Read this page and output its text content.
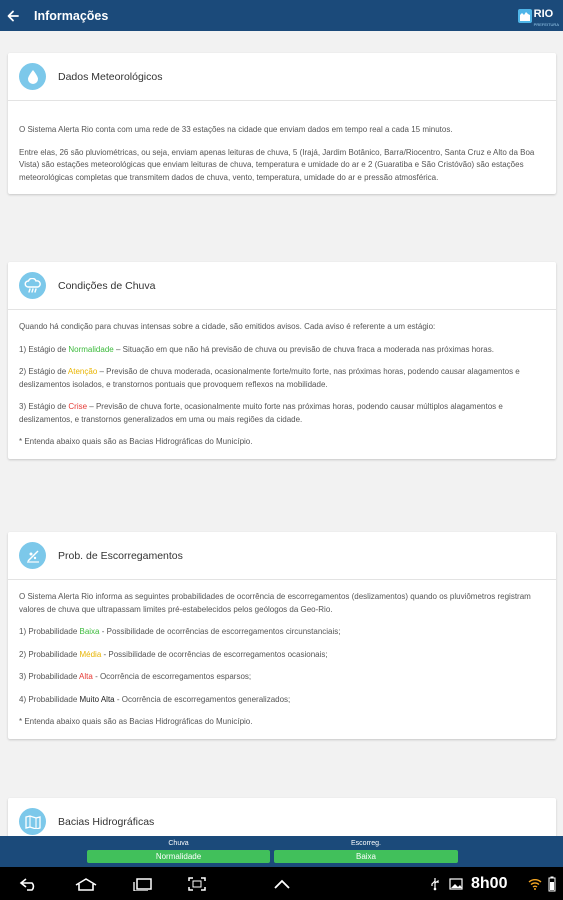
Informações	RIO
PREFEITURA
Dados Meteorológicos

O Sistema Alerta Rio conta com uma rede de 33 estações na cidade que enviam dados em tempo real a cada 15 minutos.

Entre elas, 26 são pluviométricas, ou seja, enviam apenas leituras de chuva, 5 (Irajá, Jardim Botânico, Barra/Riocentro, Santa Cruz e Alto da Boa Vista) são estações meteorológicas que enviam leituras de chuva, temperatura e umidade do ar e 2 (Guaratiba e São Cristóvão) são estações meteorológicas completas que transmitem dados de chuva, vento, temperatura, umidade do ar e pressão atmosférica.

Condições de Chuva

Quando há condição para chuvas intensas sobre a cidade, são emitidos avisos. Cada aviso é referente a um estágio:

1) Estágio de Normalidade – Situação em que não há previsão de chuva ou previsão de chuva fraca a moderada nas próximas horas.

2) Estágio de Atenção – Previsão de chuva moderada, ocasionalmente forte/muito forte, nas próximas horas, podendo causar alagamentos e deslizamentos isolados, e transtornos pontuais que provoquem reflexos na mobilidade.

3) Estágio de Crise – Previsão de chuva forte, ocasionalmente muito forte nas próximas horas, podendo causar múltiplos alagamentos e deslizamentos, e transtornos generalizados em uma ou mais regiões da cidade.

* Entenda abaixo quais são as Bacias Hidrográficas do Município.

Prob. de Escorregamentos

O Sistema Alerta Rio informa as seguintes probabilidades de ocorrência de escorregamentos (deslizamentos) quando os pluviômetros registram valores de chuva que ultrapassam limites pré-estabelecidos pelos geólogos da Geo-Rio.

1) Probabilidade Baixa - Possibilidade de ocorrências de escorregamentos circunstanciais;

2) Probabilidade Média - Possibilidade de ocorrências de escorregamentos ocasionais;

3) Probabilidade Alta - Ocorrência de escorregamentos esparsos;

4) Probabilidade Muito Alta - Ocorrência de escorregamentos generalizados;

* Entenda abaixo quais são as Bacias Hidrográficas do Município.

Bacias Hidrográficas
Chuva
Normalidade
Escorreg.
Baixa
8h00
